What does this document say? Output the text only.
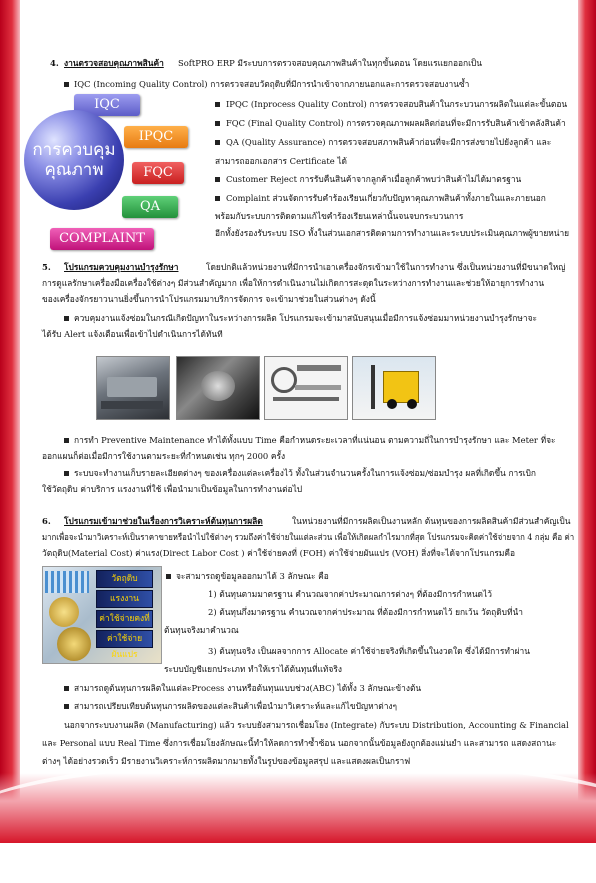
4. งานตรวจสอบคุณภาพสินค้า SoftPRO ERP มีระบบการตรวจสอบคุณภาพสินค้าในทุกขั้นตอน โดยแรแยกออกเป็น
IQC (Incoming Quality Control) การตรวจสอบวัตถุดิบที่มีการนำเข้าจากภายนอกและการตรวจสอบงานซ้ำ
IQC
IPQC
FQC
QA
การควบคุม
คุณภาพ
COMPLAINT
IPQC (Inprocess Quality Control) การตรวจสอบสินค้าในกระบวนการผลิตในแต่ละขั้นตอน
FQC (Final Quality Control) การตรวจคุณภาพผลผลิตก่อนที่จะมีการรับสินค้าเข้าคลังสินค้า
QA (Quality Assurance) การตรวจสอบสภาพสินค้าก่อนที่จะมีการส่งขายไปยังลูกค้า และ
สามารถออกเอกสาร Certificate ได้
Customer Reject การรับคืนสินค้าจากลูกค้าเมื่อลูกค้าพบว่าสินค้าไม่ได้มาตรฐาน
Complaint ส่วนจัดการรับคำร้องเรียนเกี่ยวกับปัญหาคุณภาพสินค้าทั้งภายในและภายนอก
พร้อมกับระบบการติดตามแก้ไขคำร้องเรียนเหล่านั้นจนจบกระบวนการ
อีกทั้งยังรองรับระบบ ISO ทั้งในส่วนเอกสารติดตามการทำงานและระบบประเมินคุณภาพผู้ขายหน่าย
5. โปรแกรมควบคุมงานบำรุงรักษา	โดยปกติแล้วหน่วยงานที่มีการนำเอาเครื่องจักรเข้ามาใช้ในการทำงาน ซึ่งเป็นหน่วยงานที่มีขนาดใหญ่
การดูแลรักษาเครื่องมือเครื่องใช้ต่างๆ มีส่วนสำคัญมาก เพื่อให้การดำเนินงานไม่เกิดการสะดุดในระหว่างการทำงานและช่วยให้อายุการทำงาน
ของเครื่องจักรยาวนานยิ่งขึ้นการนำโปรแกรมมาบริการจัดการ จะเข้ามาช่วยในส่วนต่างๆ ดังนี้
ควบคุมงานแจ้งซ่อมในกรณีเกิดปัญหาในระหว่างการผลิต โปรแกรมจะเข้ามาสนับสนุนเมื่อมีการแจ้งซ่อมมาหน่วยงานบำรุงรักษาจะ
ได้รับ Alert แจ้งเตือนเพื่อเข้าไปดำเนินการได้ทันที
การทำ Preventive Maintenance ทำได้ทั้งแบบ Time คือกำหนดระยะเวลาที่แน่นอน ตามความถี่ในการบำรุงรักษา และ Meter ที่จะ
ออกแผนก็ต่อเมื่อมีการใช้งานตามระยะที่กำหนดเช่น ทุกๆ 2000 ครั้ง
ระบบจะทำงานเก็บรายละเอียดต่างๆ ของเครื่องแต่ละเครื่องไว้ ทั้งในส่วนจำนวนครั้งในการแจ้งซ่อม/ซ่อมบำรุง ผลที่เกิดขึ้น การเบิก
ใช้วัตถุดิบ ค่าบริการ แรงงานที่ใช้ เพื่อนำมาเป็นข้อมูลในการทำงานต่อไป
6. โปรแกรมเข้ามาช่วยในเรื่องการวิเคราะห์ต้นทุนการผลิต	ในหน่วยงานที่มีการผลิตเป็นงานหลัก ต้นทุนของการผลิตสินค้ามีส่วนสำคัญเป็น
มากเพื่อจะนำมาวิเคราะห์เป็นราคาขายหรือนำไปใช้ต่างๆ รวมถึงค่าใช้จ่ายในแต่ละส่วน เพื่อให้เกิดผลกำไรมากที่สุด โปรแกรมจะคิดค่าใช้จ่ายจาก 4 กลุ่ม คือ ค่า
วัตถุดิบ(Material Cost) ค่าแรง(Direct Labor Cost ) ค่าใช้จ่ายคงที่ (FOH) ค่าใช้จ่ายผันแปร (VOH) สิ่งที่จะได้จากโปรแกรมคือ
วัตถุดิบ
แรงงาน
ค่าใช้จ่ายคงที่
ค่าใช้จ่ายผันแปร
จะสามารถดูข้อมูลออกมาได้ 3 ลักษณะ คือ
1) ต้นทุนตามมาตรฐาน คำนวณจากค่าประมาณการต่างๆ ที่ต้องมีการกำหนดไว้
2) ต้นทุนกึ่งมาตรฐาน คำนวณจากค่าประมาณ ที่ต้องมีการกำหนดไว้ ยกเว้น วัตถุดิบที่นำ
ต้นทุนจริงมาคำนวณ
3) ต้นทุนจริง เป็นผลจากการ Allocate ค่าใช้จ่ายจริงที่เกิดขึ้นในงวดใด ซึ่งได้มีการทำผ่าน
ระบบบัญชีแยกประเภท ทำให้เราได้ต้นทุนที่แท้จริง
สามารถดูต้นทุนการผลิตในแต่ละProcess งานหรือต้นทุนแบบช่วง(ABC) ได้ทั้ง 3 ลักษณะข้างต้น
สามารถเปรียบเทียบต้นทุนการผลิตของแต่ละสินค้าเพื่อนำมาวิเคราะห์และแก้ไขปัญหาต่างๆ
นอกจากระบบงานผลิต (Manufacturing) แล้ว ระบบยังสามารถเชื่อมโยง (Integrate) กับระบบ Distribution, Accounting & Financial
และ Personal แบบ Real Time ซึ่งการเชื่อมโยงลักษณะนี้ทำให้ลดการทำซ้ำซ้อน นอกจากนั้นข้อมูลยังถูกต้องแม่นยำ และสามารถ แสดงสถานะ
ต่างๆ ได้อย่างรวดเร็ว มีรายงานวิเคราะห์การผลิตมากมายทั้งในรูปของข้อมูลสรุป และแสดงผลเป็นกราฟ
